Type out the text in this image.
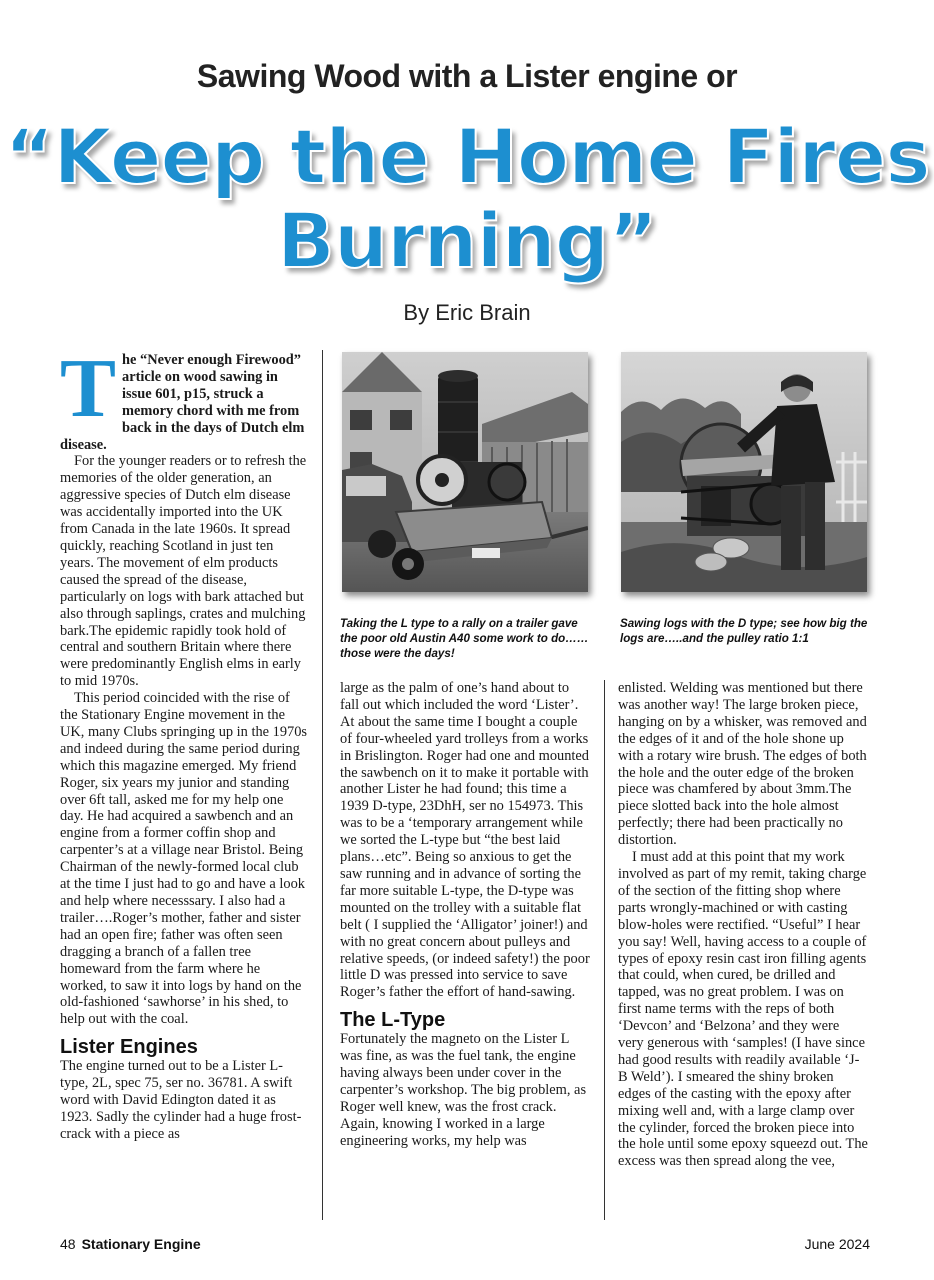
Sawing Wood with a Lister engine or
“Keep the Home Fires
Burning”
By Eric Brain

T he “Never enough Firewood” article on wood sawing in issue 601, p15, struck a memory chord with me from back in the days of Dutch elm disease.

For the younger readers or to refresh the memories of the older generation, an aggressive species of Dutch elm disease was accidentally imported into the UK from Canada in the late 1960s. It spread quickly, reaching Scotland in just ten years. The movement of elm products caused the spread of the disease, particularly on logs with bark attached but also through saplings, crates and mulching bark.The epidemic rapidly took hold of central and southern Britain where there were predominantly English elms in early to mid 1970s.

This period coincided with the rise of the Stationary Engine movement in the UK, many Clubs springing up in the 1970s and indeed during the same period during which this magazine emerged. My friend Roger, six years my junior and standing over 6ft tall, asked me for my help one day. He had acquired a sawbench and an engine from a former coffin shop and carpenter’s at a village near Bristol. Being Chairman of the newly-formed local club at the time I just had to go and have a look and help where necesssary. I also had a trailer….Roger’s mother, father and sister had an open fire; father was often seen dragging a branch of a fallen tree homeward from the farm where he worked, to saw it into logs by hand on the old-fashioned ‘sawhorse’ in his shed, to help out with the coal.

Lister Engines

The engine turned out to be a Lister L-type, 2L, spec 75, ser no. 36781. A swift word with David Edington dated it as 1923. Sadly the cylinder had a huge frost-crack with a piece as

Taking the L type to a rally on a trailer gave the poor old Austin A40 some work to do……those were the days!
Sawing logs with the D type; see how big the logs are…..and the pulley ratio 1:1

large as the palm of one’s hand about to fall out which included the word ‘Lister’. At about the same time I bought a couple of four-wheeled yard trolleys from a works in Brislington. Roger had one and mounted the sawbench on it to make it portable with another Lister he had found; this time a 1939 D-type, 23DhH, ser no 154973. This was to be a ‘temporary arrangement while we sorted the L-type but “the best laid plans…etc”. Being so anxious to get the saw running and in advance of sorting the far more suitable L-type, the D-type was mounted on the trolley with a suitable flat belt ( I supplied the ‘Alligator’ joiner!) and with no great concern about pulleys and relative speeds, (or indeed safety!) the poor little D was pressed into service to save Roger’s father the effort of hand-sawing.

The L-Type

Fortunately the magneto on the Lister L was fine, as was the fuel tank, the engine having always been under cover in the carpenter’s workshop. The big problem, as Roger well knew, was the frost crack. Again, knowing I worked in a large engineering works, my help was

enlisted. Welding was mentioned but there was another way! The large broken piece, hanging on by a whisker, was removed and the edges of it and of the hole shone up with a rotary wire brush. The edges of both the hole and the outer edge of the broken piece was chamfered by about 3mm.The piece slotted back into the hole almost perfectly; there had been practically no distortion.

I must add at this point that my work involved as part of my remit, taking charge of the section of the fitting shop where parts wrongly-machined or with casting blow-holes were rectified. “Useful” I hear you say! Well, having access to a couple of types of epoxy resin cast iron filling agents that could, when cured, be drilled and tapped, was no great problem. I was on first name terms with the reps of both ‘Devcon’ and ‘Belzona’ and they were very generous with ‘samples! (I have since had good results with readily available ‘J-B Weld’). I smeared the shiny broken edges of the casting with the epoxy after mixing well and, with a large clamp over the cylinder, forced the broken piece into the hole until some epoxy squeezd out. The excess was then spread along the vee,

48 Stationary Engine	June 2024
